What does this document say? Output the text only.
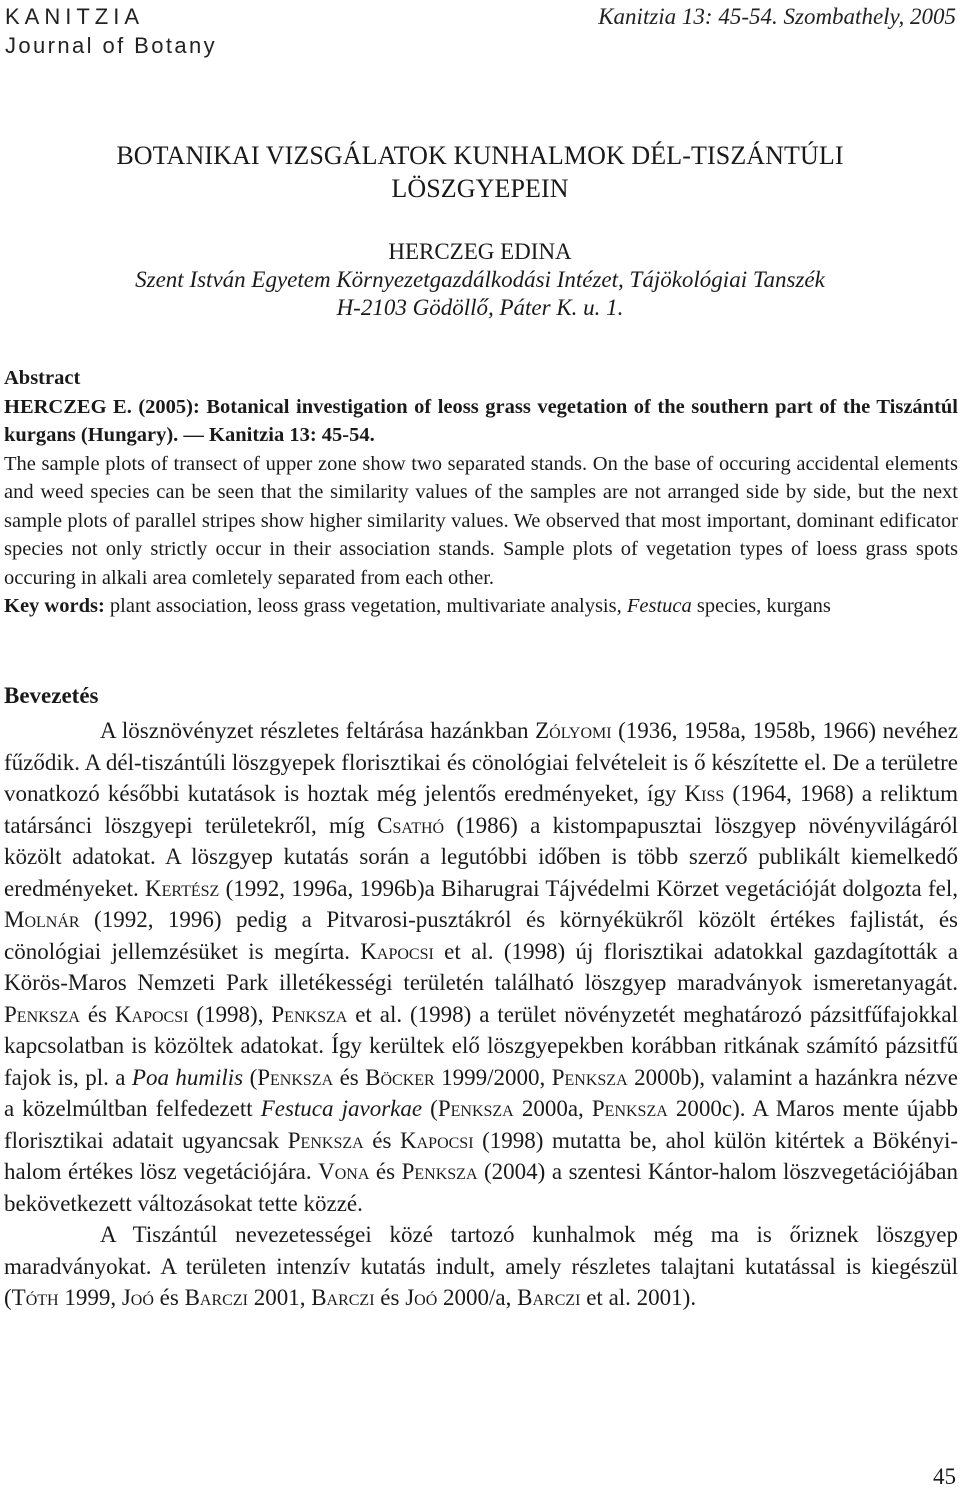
KANITZIA
Journal of Botany
Kanitzia 13: 45-54. Szombathely, 2005
BOTANIKAI VIZSGÁLATOK KUNHALMOK DÉL-TISZÁNTÚLI
LÖSZGYEPEIN
HERCZEG EDINA
Szent István Egyetem Környezetgazdálkodási Intézet, Tájökológiai Tanszék
H-2103 Gödöllő, Páter K. u. 1.

Abstract

HERCZEG E. (2005): Botanical investigation of leoss grass vegetation of the southern part of the Tiszántúl kurgans (Hungary). ― Kanitzia 13: 45-54.

The sample plots of transect of upper zone show two separated stands. On the base of occuring accidental elements and weed species can be seen that the similarity values of the samples are not arranged side by side, but the next sample plots of parallel stripes show higher similarity values. We observed that most important, dominant edificator species not only strictly occur in their association stands. Sample plots of vegetation types of loess grass spots occuring in alkali area comletely separated from each other.

Key words: plant association, leoss grass vegetation, multivariate analysis, Festuca species, kurgans

Bevezetés

A lösznövényzet részletes feltárása hazánkban Zólyomi (1936, 1958a, 1958b, 1966) nevéhez fűződik. A dél-tiszántúli löszgyepek florisztikai és cönológiai felvételeit is ő készítette el. De a területre vonatkozó későbbi kutatások is hoztak még jelentős eredményeket, így Kiss (1964, 1968) a reliktum tatársánci löszgyepi területekről, míg Csathó (1986) a kistompapusztai löszgyep növényvilágáról közölt adatokat. A löszgyep kutatás során a legutóbbi időben is több szerző publikált kiemelkedő eredményeket. Kertész (1992, 1996a, 1996b)a Biharugrai Tájvédelmi Körzet vegetációját dolgozta fel, Molnár (1992, 1996) pedig a Pitvarosi-pusztákról és környékükről közölt értékes fajlistát, és cönológiai jellemzésüket is megírta. Kapocsi et al. (1998) új florisztikai adatokkal gazdagították a Körös-Maros Nemzeti Park illetékességi területén található löszgyep maradványok ismeretanyagát. Penksza és Kapocsi (1998), Penksza et al. (1998) a terület növényzetét meghatározó pázsitfűfajokkal kapcsolatban is közöltek adatokat. Így kerültek elő löszgyepekben korábban ritkának számító pázsitfű fajok is, pl. a Poa humilis (Penksza és Böcker 1999/2000, Penksza 2000b), valamint a hazánkra nézve a közelmúltban felfedezett Festuca javorkae (Penksza 2000a, Penksza 2000c). A Maros mente újabb florisztikai adatait ugyancsak Penksza és Kapocsi (1998) mutatta be, ahol külön kitértek a Bökényi-halom értékes lösz vegetációjára. Vona és Penksza (2004) a szentesi Kántor-halom löszvegetációjában bekövetkezett változásokat tette közzé.

A Tiszántúl nevezetességei közé tartozó kunhalmok még ma is őriznek löszgyep maradványokat. A területen intenzív kutatás indult, amely részletes talajtani kutatással is kiegészül (Tóth 1999, Joó és Barczi 2001, Barczi és Joó 2000/a, Barczi et al. 2001).

45
